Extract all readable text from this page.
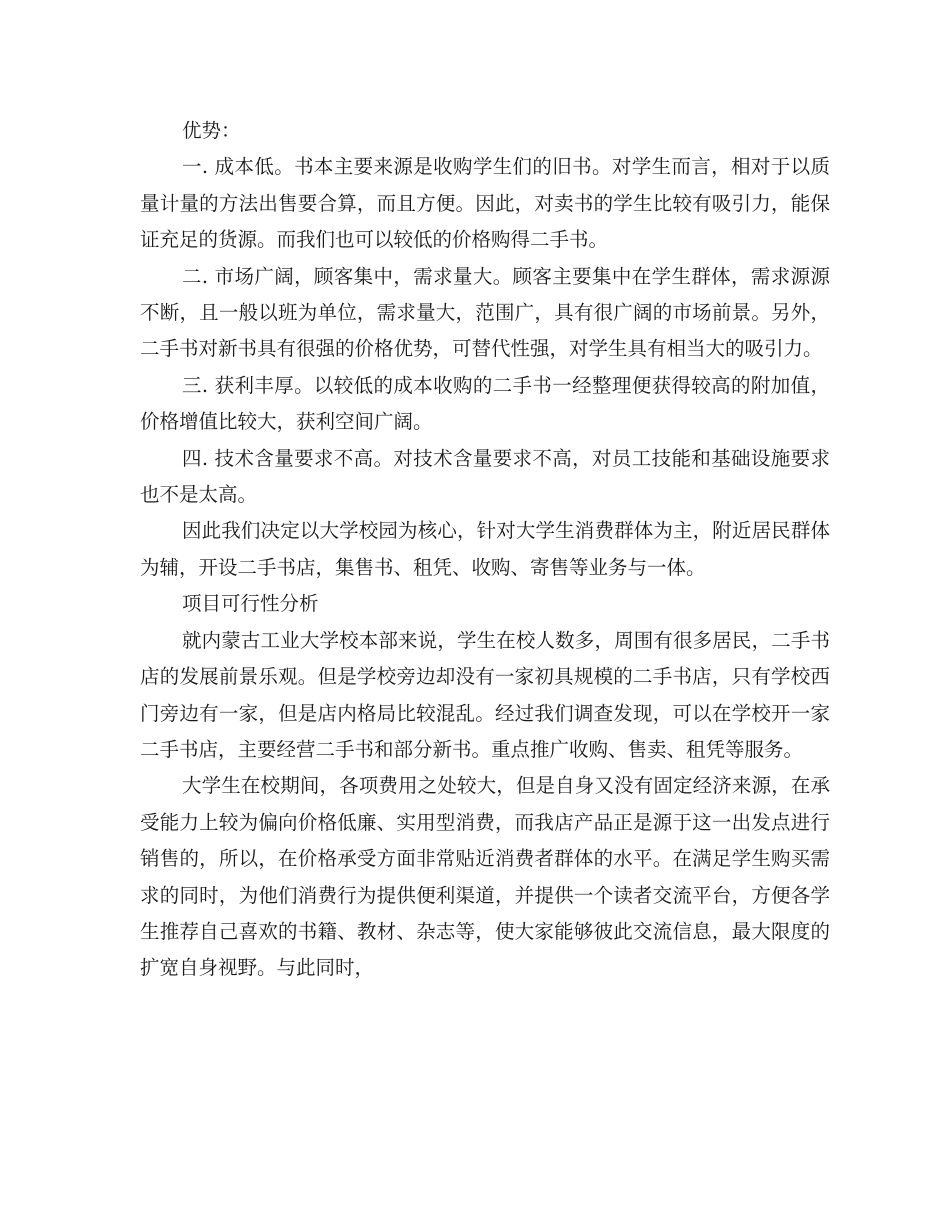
优势：

一. 成本低。书本主要来源是收购学生们的旧书。对学生而言，相对于以质量计量的方法出售要合算，而且方便。因此，对卖书的学生比较有吸引力，能保证充足的货源。而我们也可以较低的价格购得二手书。

二. 市场广阔，顾客集中，需求量大。顾客主要集中在学生群体，需求源源不断，且一般以班为单位，需求量大，范围广，具有很广阔的市场前景。另外，二手书对新书具有很强的价格优势，可替代性强，对学生具有相当大的吸引力。

三. 获利丰厚。以较低的成本收购的二手书一经整理便获得较高的附加值，价格增值比较大，获利空间广阔。

四. 技术含量要求不高。对技术含量要求不高，对员工技能和基础设施要求也不是太高。

因此我们决定以大学校园为核心，针对大学生消费群体为主，附近居民群体为辅，开设二手书店，集售书、租凭、收购、寄售等业务与一体。

项目可行性分析

就内蒙古工业大学校本部来说，学生在校人数多，周围有很多居民，二手书店的发展前景乐观。但是学校旁边却没有一家初具规模的二手书店，只有学校西门旁边有一家，但是店内格局比较混乱。经过我们调查发现，可以在学校开一家二手书店，主要经营二手书和部分新书。重点推广收购、售卖、租凭等服务。

大学生在校期间，各项费用之处较大，但是自身又没有固定经济来源，在承受能力上较为偏向价格低廉、实用型消费，而我店产品正是源于这一出发点进行销售的，所以，在价格承受方面非常贴近消费者群体的水平。在满足学生购买需求的同时，为他们消费行为提供便利渠道，并提供一个读者交流平台，方便各学生推荐自己喜欢的书籍、教材、杂志等，使大家能够彼此交流信息，最大限度的扩宽自身视野。与此同时，
